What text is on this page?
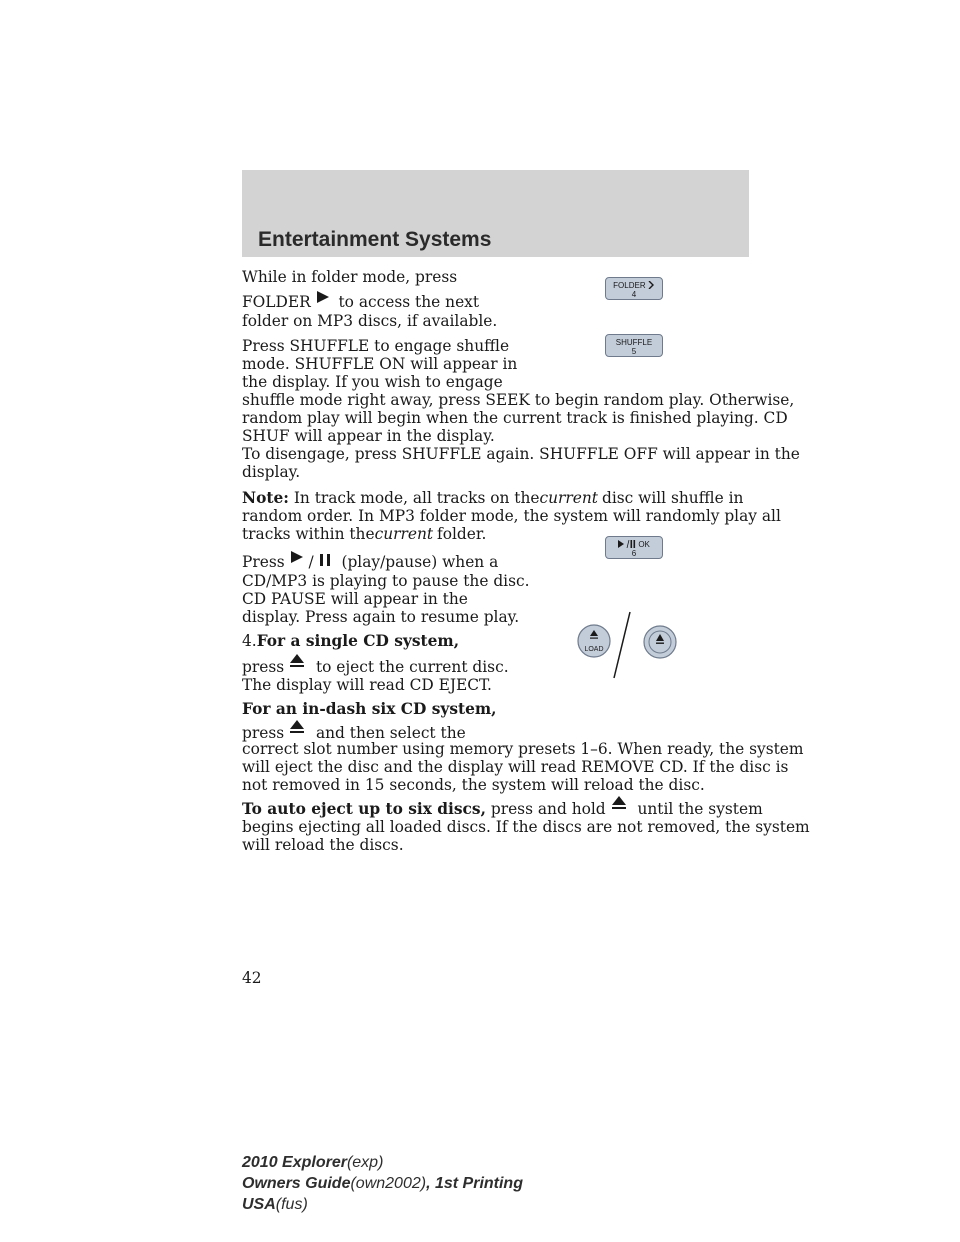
Entertainment Systems
While in folder mode, press
FOLDER to access the next
folder on MP3 discs, if available.
FOLDER
4
Press SHUFFLE to engage shuffle
mode. SHUFFLE ON will appear in
the display. If you wish to engage
shuffle mode right away, press SEEK to begin random play. Otherwise,
random play will begin when the current track is finished playing. CD
SHUF will appear in the display.
To disengage, press SHUFFLE again. SHUFFLE OFF will appear in the
display.
SHUFFLE
5
Note: In track mode, all tracks on thecurrent disc will shuffle in
random order. In MP3 folder mode, the system will randomly play all
tracks within thecurrent folder.
Press / (play/pause) when a
CD/MP3 is playing to pause the disc.
CD PAUSE will appear in the
display. Press again to resume play.
OK
6
4.For a single CD system,
press to eject the current disc.
The display will read CD EJECT.
For an in-dash six CD system,
press and then select the
correct slot number using memory presets 1–6. When ready, the system
will eject the disc and the display will read REMOVE CD. If the disc is
not removed in 15 seconds, the system will reload the disc.
To auto eject up to six discs, press and hold until the system
begins ejecting all loaded discs. If the discs are not removed, the system
will reload the discs.
LOAD
42
2010 Explorer(exp)
Owners Guide(own2002), 1st Printing
USA(fus)
